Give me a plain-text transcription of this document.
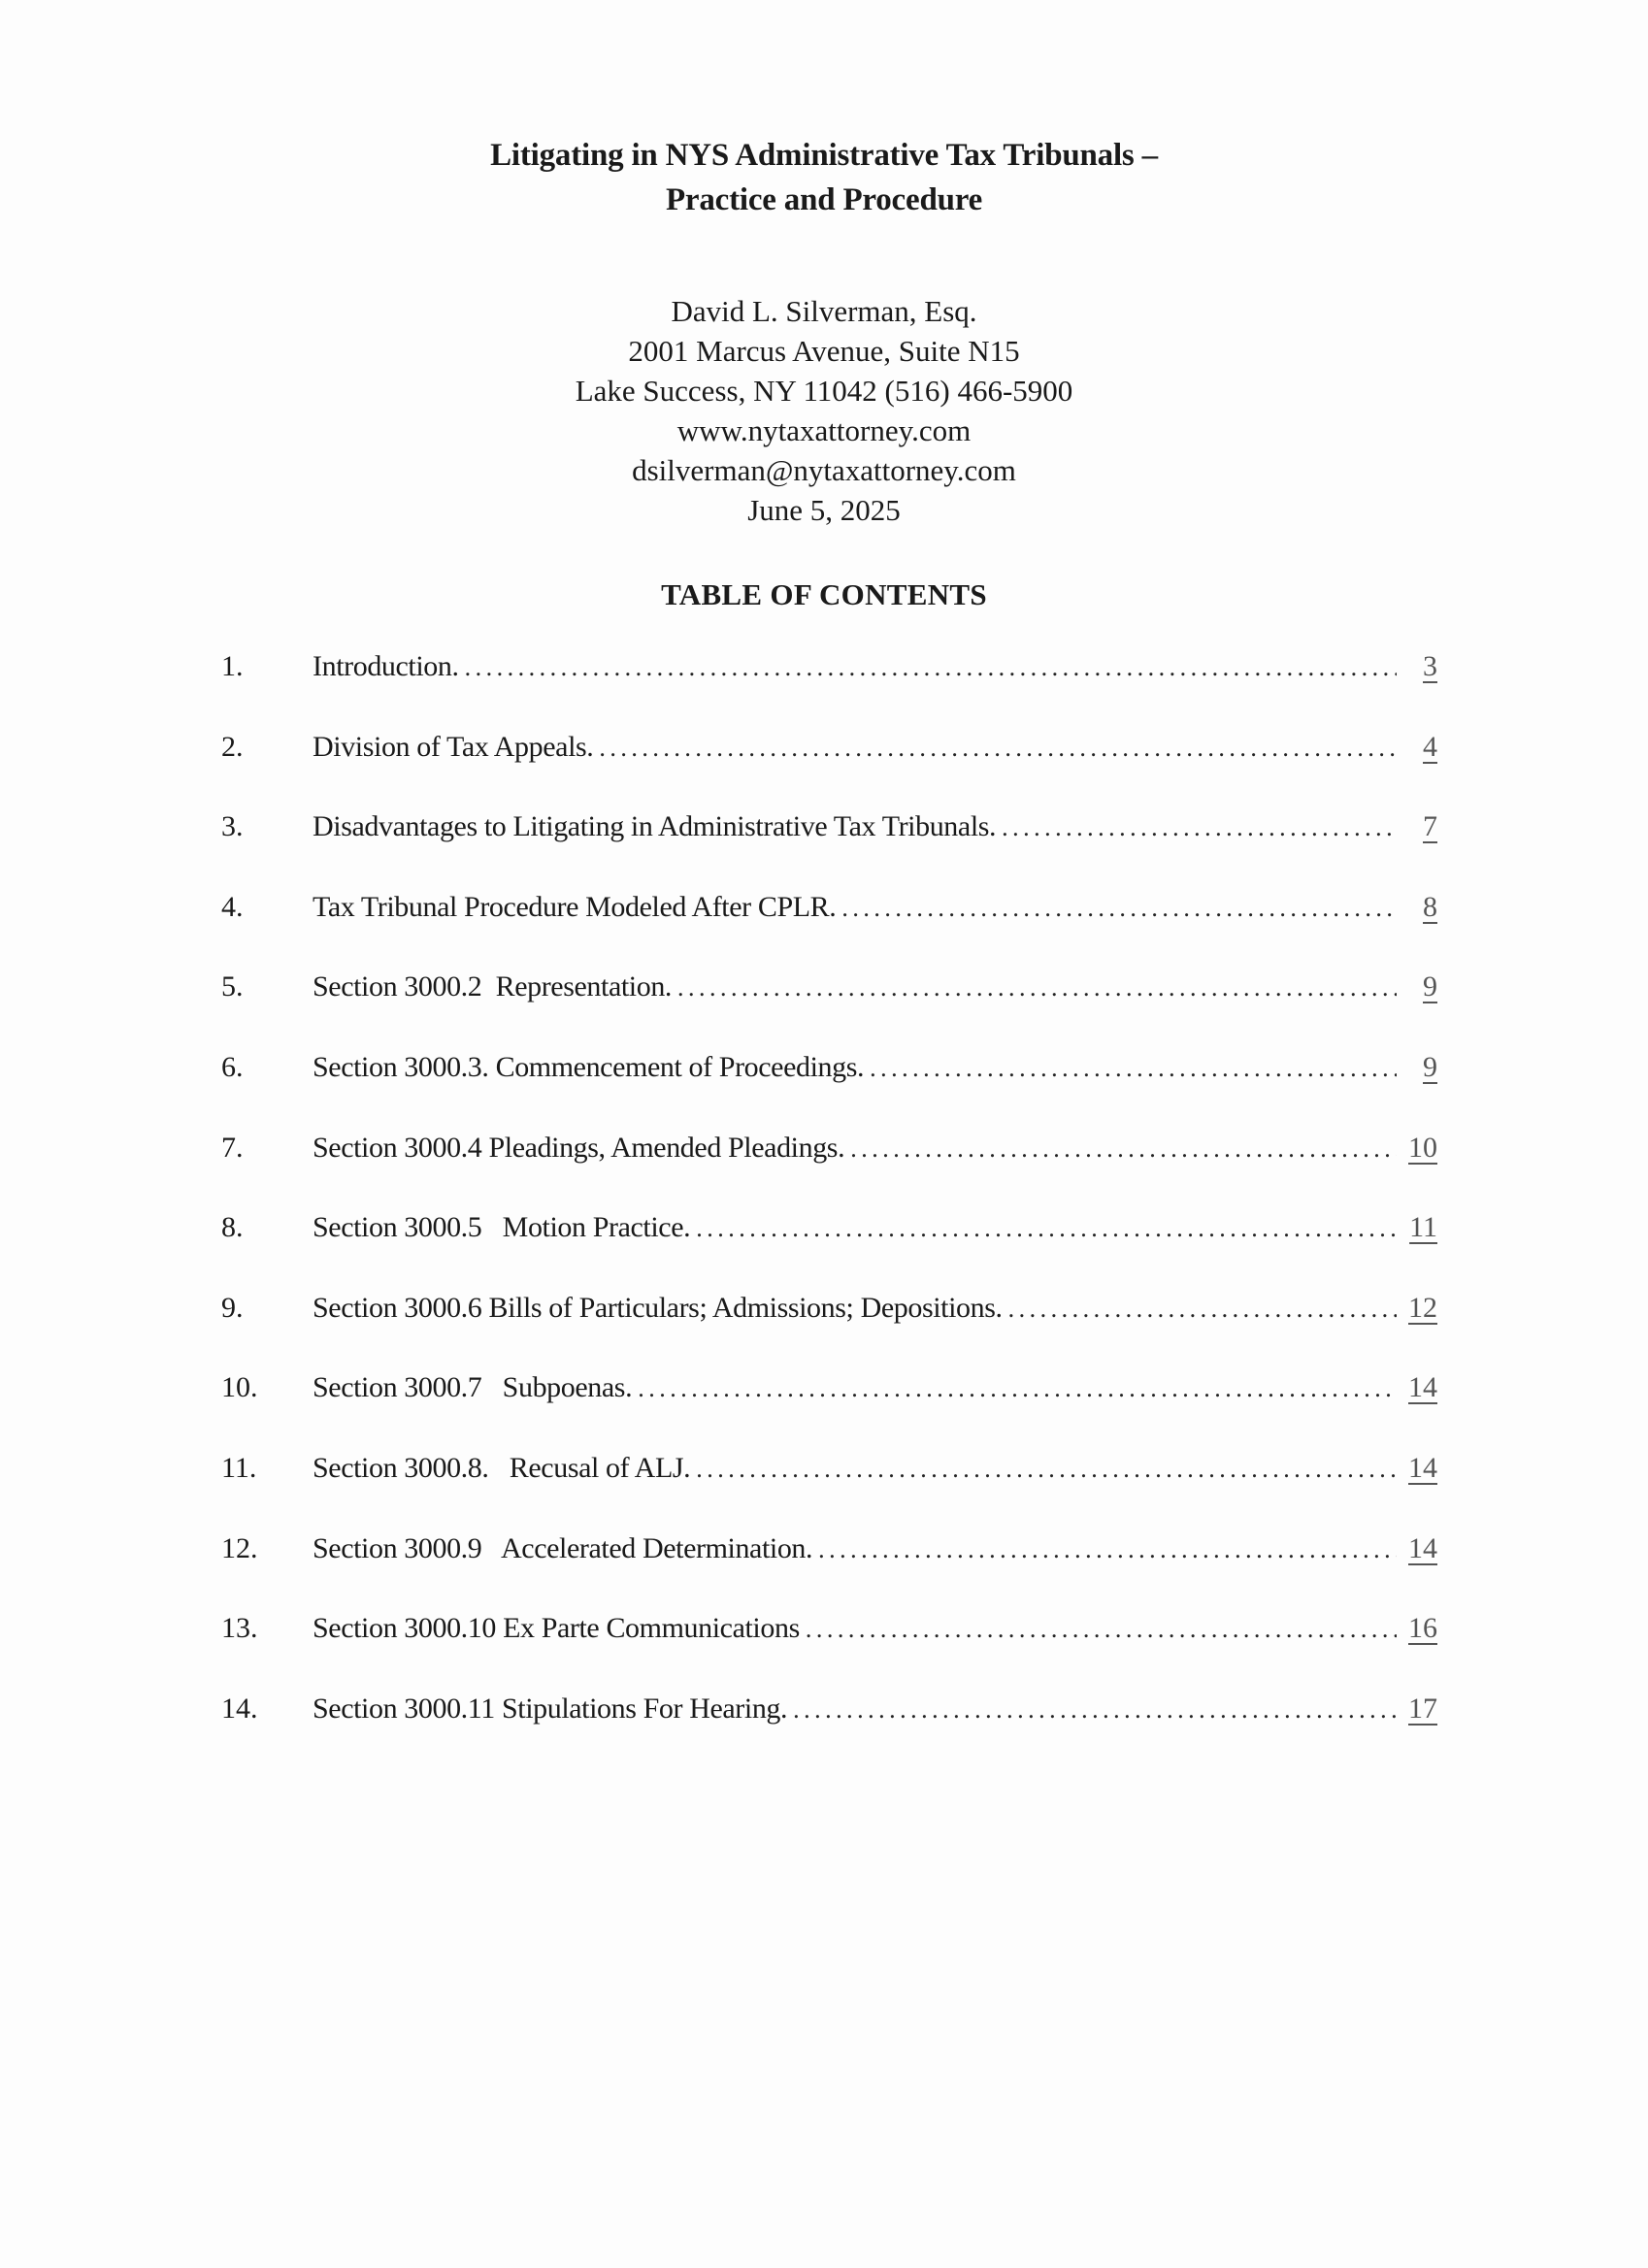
Litigating in NYS Administrative Tax Tribunals –
Practice and Procedure
David L. Silverman, Esq.
2001 Marcus Avenue, Suite N15
Lake Success, NY 11042 (516) 466-5900
www.nytaxattorney.com
dsilverman@nytaxattorney.com
June 5, 2025
TABLE OF CONTENTS
1.	Introduction. . . .	3
2.	Division of Tax Appeals. . . .	4
3.	Disadvantages to Litigating in Administrative Tax Tribunals. . . .	7
4.	Tax Tribunal Procedure Modeled After CPLR. . . .	8
5.	Section 3000.2  Representation. . . .	9
6.	Section 3000.3. Commencement of Proceedings. . . .	9
7.	Section 3000.4 Pleadings, Amended Pleadings. . . .	10
8.	Section 3000.5   Motion Practice. . . .	11
9.	Section 3000.6 Bills of Particulars; Admissions; Depositions. . . .	12
10.	Section 3000.7   Subpoenas. . . .	14
11.	Section 3000.8.   Recusal of ALJ. . . .	14
12.	Section 3000.9   Accelerated Determination. . . .	14
13.	Section 3000.10 Ex Parte Communications . . .	16
14.	Section 3000.11 Stipulations For Hearing. . . .	17
